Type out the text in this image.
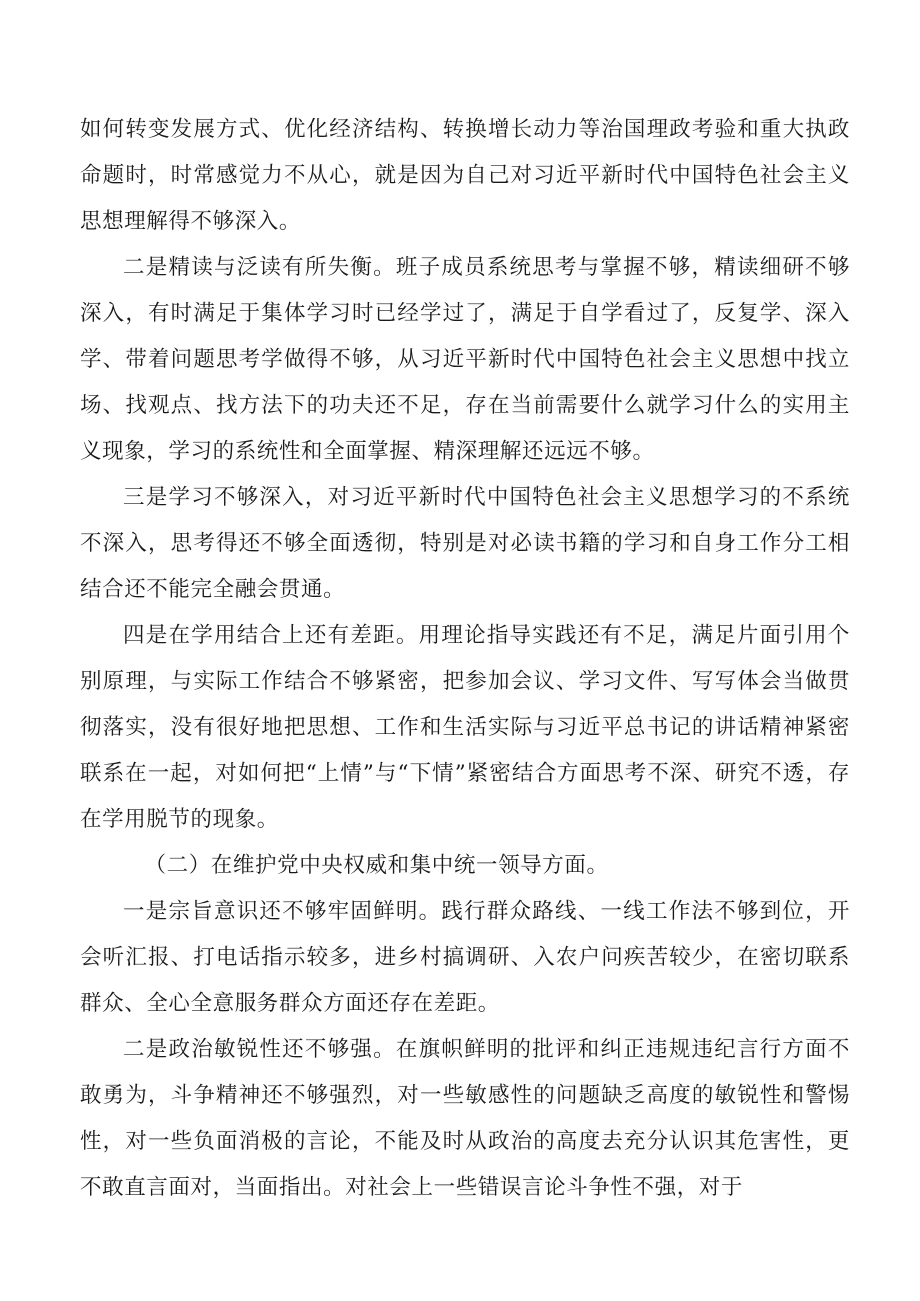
如何转变发展方式、优化经济结构、转换增长动力等治国理政考验和重大执政命题时，时常感觉力不从心，就是因为自己对习近平新时代中国特色社会主义思想理解得不够深入。

二是精读与泛读有所失衡。班子成员系统思考与掌握不够，精读细研不够深入，有时满足于集体学习时已经学过了，满足于自学看过了，反复学、深入学、带着问题思考学做得不够，从习近平新时代中国特色社会主义思想中找立场、找观点、找方法下的功夫还不足，存在当前需要什么就学习什么的实用主义现象，学习的系统性和全面掌握、精深理解还远远不够。

三是学习不够深入，对习近平新时代中国特色社会主义思想学习的不系统不深入，思考得还不够全面透彻，特别是对必读书籍的学习和自身工作分工相结合还不能完全融会贯通。

四是在学用结合上还有差距。用理论指导实践还有不足，满足片面引用个别原理，与实际工作结合不够紧密，把参加会议、学习文件、写写体会当做贯彻落实，没有很好地把思想、工作和生活实际与习近平总书记的讲话精神紧密联系在一起，对如何把“上情”与“下情”紧密结合方面思考不深、研究不透，存在学用脱节的现象。

（二）在维护党中央权威和集中统一领导方面。

一是宗旨意识还不够牢固鲜明。践行群众路线、一线工作法不够到位，开会听汇报、打电话指示较多，进乡村搞调研、入农户问疾苦较少，在密切联系群众、全心全意服务群众方面还存在差距。

二是政治敏锐性还不够强。在旗帜鲜明的批评和纠正违规违纪言行方面不敢勇为，斗争精神还不够强烈，对一些敏感性的问题缺乏高度的敏锐性和警惕性，对一些负面消极的言论，不能及时从政治的高度去充分认识其危害性，更不敢直言面对，当面指出。对社会上一些错误言论斗争性不强，对于
